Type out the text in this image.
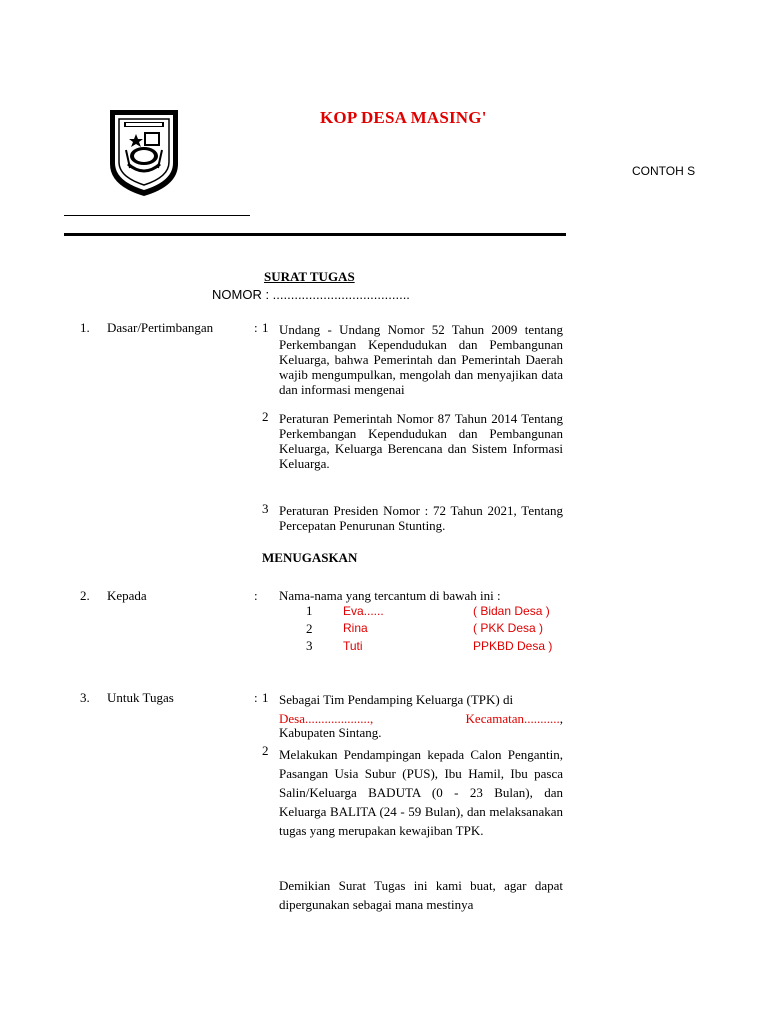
KOP DESA MASING'
CONTOH S
SURAT TUGAS
NOMOR : ......................................
1. Dasar/Pertimbangan	: 1 Undang - Undang Nomor 52 Tahun 2009 tentang Perkembangan Kependudukan dan Pembangunan Keluarga, bahwa Pemerintah dan Pemerintah Daerah wajib mengumpulkan, mengolah dan menyajikan data dan informasi mengenai
2 Peraturan Pemerintah Nomor 87 Tahun 2014 Tentang Perkembangan Kependudukan dan Pembangunan Keluarga, Keluarga Berencana dan Sistem Informasi Keluarga.
3 Peraturan Presiden Nomor : 72 Tahun 2021, Tentang Percepatan Penurunan Stunting.
MENUGASKAN
2. Kepada	: Nama-nama yang tercantum di bawah ini :
1	Eva......	( Bidan Desa )
2	Rina	( PKK Desa )
3	Tuti	PPKBD Desa )
3. Untuk Tugas	: 1 Sebagai Tim Pendamping Keluarga (TPK) di
Desa....................,	Kecamatan...........,
Kabupaten Sintang.
2 Melakukan Pendampingan kepada Calon Pengantin, Pasangan Usia Subur (PUS), Ibu Hamil, Ibu pasca Salin/Keluarga BADUTA (0 - 23 Bulan), dan Keluarga BALITA (24 - 59 Bulan), dan melaksanakan tugas yang merupakan kewajiban TPK.
Demikian Surat Tugas ini kami buat, agar dapat dipergunakan sebagai mana mestinya
